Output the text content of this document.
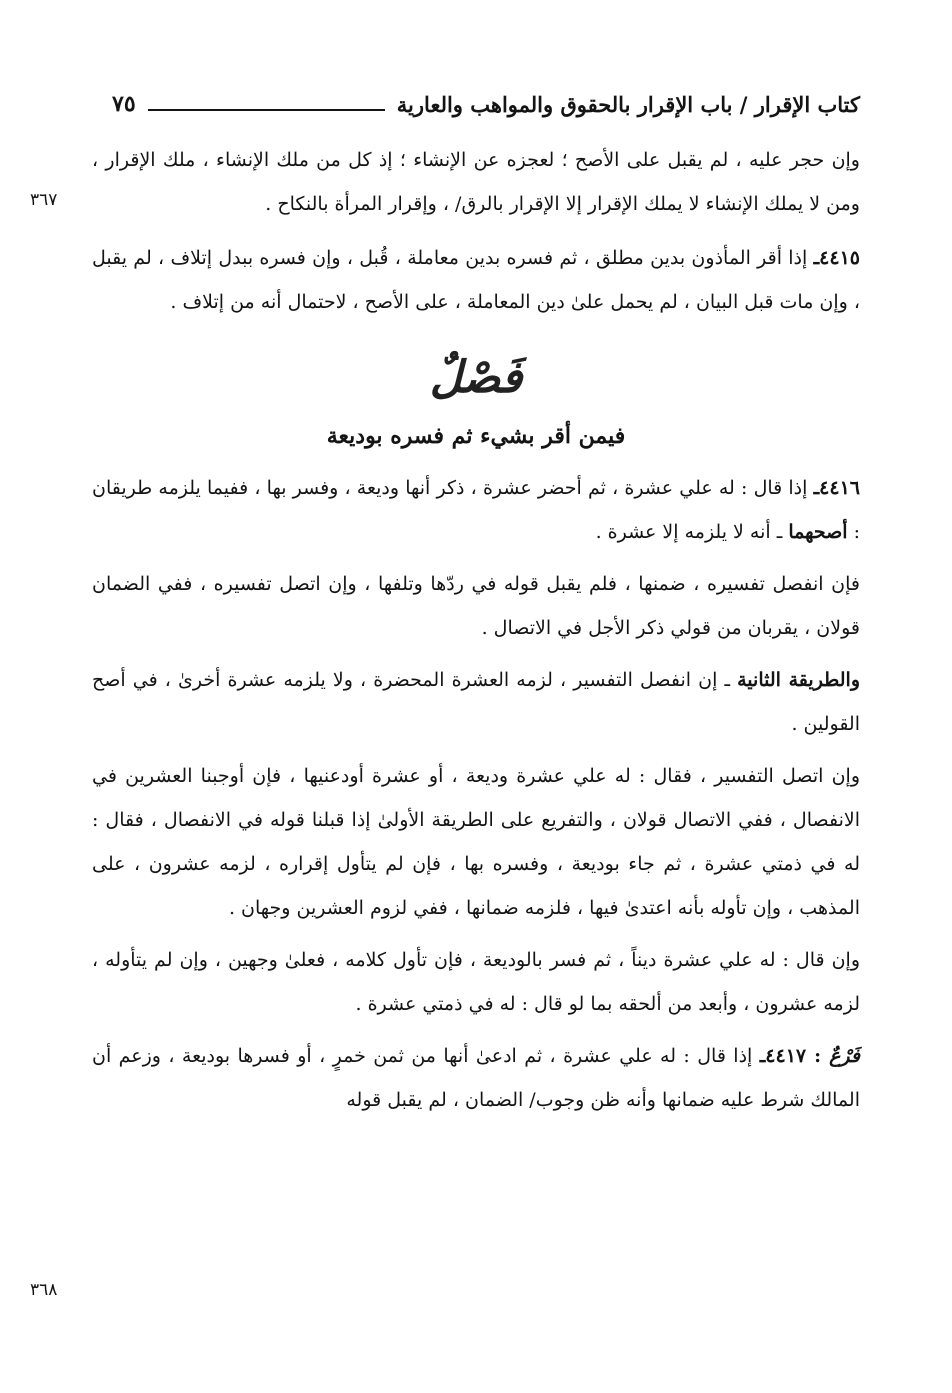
كتاب الإقرار / باب الإقرار بالحقوق والمواهب والعارية
٧٥
٣٦٧
٣٦٨

وإن حجر عليه ، لم يقبل على الأصح ؛ لعجزه عن الإنشاء ؛ إذ كل من ملك الإنشاء ، ملك الإقرار ، ومن لا يملك الإنشاء لا يملك الإقرار إلا الإقرار بالرق/ ، وإقرار المرأة بالنكاح .

٤٤١٥ـ إذا أقر المأذون بدين مطلق ، ثم فسره بدين معاملة ، قُبل ، وإن فسره ببدل إتلاف ، لم يقبل ، وإن مات قبل البيان ، لم يحمل علىٰ دين المعاملة ، على الأصح ، لاحتمال أنه من إتلاف .

فَصْلٌ
فيمن أقر بشيء ثم فسره بوديعة

٤٤١٦ـ إذا قال : له علي عشرة ، ثم أحضر عشرة ، ذكر أنها وديعة ، وفسر بها ، ففيما يلزمه طريقان : أصحهما ـ أنه لا يلزمه إلا عشرة .

فإن انفصل تفسيره ، ضمنها ، فلم يقبل قوله في ردّها وتلفها ، وإن اتصل تفسيره ، ففي الضمان قولان ، يقربان من قولي ذكر الأجل في الاتصال .

والطريقة الثانية ـ إن انفصل التفسير ، لزمه العشرة المحضرة ، ولا يلزمه عشرة أخرىٰ ، في أصح القولين .

وإن اتصل التفسير ، فقال : له علي عشرة وديعة ، أو عشرة أودعنيها ، فإن أوجبنا العشرين في الانفصال ، ففي الاتصال قولان ، والتفريع على الطريقة الأولىٰ إذا قبلنا قوله في الانفصال ، فقال : له في ذمتي عشرة ، ثم جاء بوديعة ، وفسره بها ، فإن لم يتأول إقراره ، لزمه عشرون ، على المذهب ، وإن تأوله بأنه اعتدىٰ فيها ، فلزمه ضمانها ، ففي لزوم العشرين وجهان .

وإن قال : له علي عشرة ديناً ، ثم فسر بالوديعة ، فإن تأول كلامه ، فعلىٰ وجهين ، وإن لم يتأوله ، لزمه عشرون ، وأبعد من ألحقه بما لو قال : له في ذمتي عشرة .

فَرْعٌ : ٤٤١٧ـ إذا قال : له علي عشرة ، ثم ادعىٰ أنها من ثمن خمرٍ ، أو فسرها بوديعة ، وزعم أن المالك شرط عليه ضمانها وأنه ظن وجوب/ الضمان ، لم يقبل قوله
